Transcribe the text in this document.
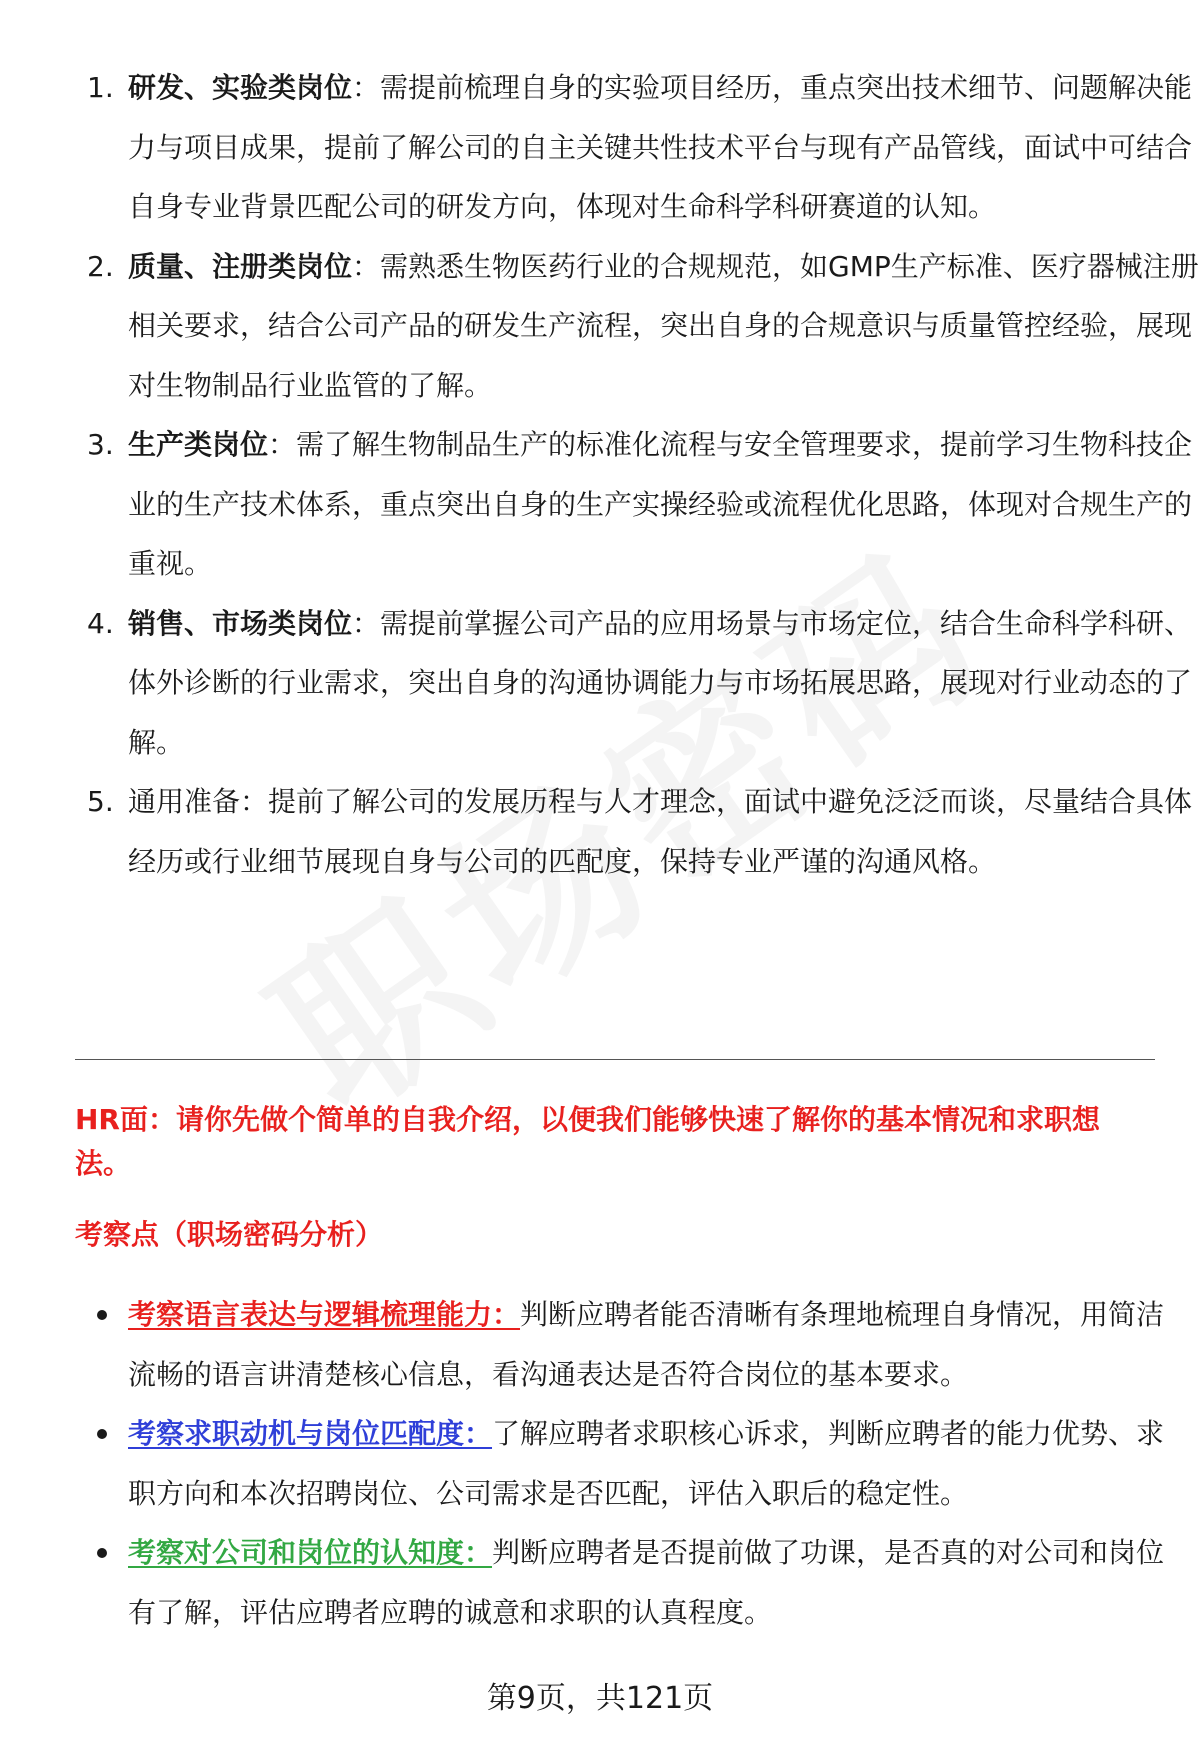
1. 研发、实验类岗位：需提前梳理自身的实验项目经历，重点突出技术细节、问题解决能力与项目成果，提前了解公司的自主关键共性技术平台与现有产品管线，面试中可结合自身专业背景匹配公司的研发方向，体现对生命科学科研赛道的认知。
2. 质量、注册类岗位：需熟悉生物医药行业的合规规范，如GMP生产标准、医疗器械注册相关要求，结合公司产品的研发生产流程，突出自身的合规意识与质量管控经验，展现对生物制品行业监管的了解。
3. 生产类岗位：需了解生物制品生产的标准化流程与安全管理要求，提前学习生物科技企业的生产技术体系，重点突出自身的生产实操经验或流程优化思路，体现对合规生产的重视。
4. 销售、市场类岗位：需提前掌握公司产品的应用场景与市场定位，结合生命科学科研、体外诊断的行业需求，突出自身的沟通协调能力与市场拓展思路，展现对行业动态的了解。
5. 通用准备：提前了解公司的发展历程与人才理念，面试中避免泛泛而谈，尽量结合具体经历或行业细节展现自身与公司的匹配度，保持专业严谨的沟通风格。
HR面：请你先做个简单的自我介绍，以便我们能够快速了解你的基本情况和求职想法。
考察点（职场密码分析）
考察语言表达与逻辑梳理能力：判断应聘者能否清晰有条理地梳理自身情况，用简洁流畅的语言讲清楚核心信息，看沟通表达是否符合岗位的基本要求。
考察求职动机与岗位匹配度：了解应聘者求职核心诉求，判断应聘者的能力优势、求职方向和本次招聘岗位、公司需求是否匹配，评估入职后的稳定性。
考察对公司和岗位的认知度：判断应聘者是否提前做了功课，是否真的对公司和岗位有了解，评估应聘者应聘的诚意和求职的认真程度。
第9页，共121页
